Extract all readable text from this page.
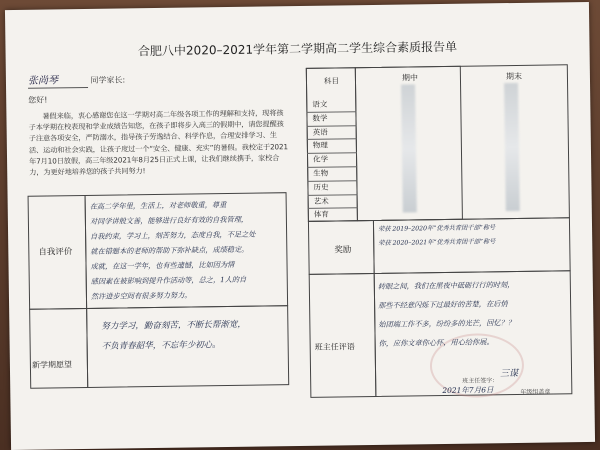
合肥八中2020–2021学年第二学期高二学生综合素质报告单
张尚琴	同学家长:
您好!

暑假来临，衷心感谢您在这一学期对高二年级各项工作的理解和支持，现将孩子本学期在校表现和学业成绩告知您，在孩子即将步入高三的假期中，请您提醒孩子注意各项安全，严防溺水，指导孩子劳逸结合、科学作息，合理安排学习、生活、运动和社会实践，让孩子度过一个“安全、健康、充实”的暑假。我校定于2021年7月10日放假，高三年级2021年8月25日正式上课，让我们继续携手，家校合力，为更好地培养您的孩子共同努力!

自我评价
在高二学年里，生活上，对老师敬重，尊重
对同学讲般文善，能够进行良好有效的自我管理，
自我约束，学习上，刻苦努力，态度自我，不足之处
就在错题本的老师的帮助下弥补缺点，成绩稳定。
成就，在这一学年，也有些遗憾，比如因为情
感因素在被影响到提升作活动等，总之，1人的自
然许进步空间有很多努力努力。
新学期愿望
努力学习，勤奋刻苦，不断长帮渐宽，
不负青春韶华，不忘年少初心。
科目	期中	期末
语文
数学
英语
物理
化学
生物
历史
艺术
体育
奖励
荣获 2019–2020年“优秀共青团干部”称号
荣获 2020–2021年“优秀共青团干部”称号
班主任评语
转眼之间，我们在黑夜中砥砺行行的时刻，
那些不经意闪烁下过最好的苦楚，在后悄
始团端工作不多，纷纷多的光芒，回忆？？
你，应你文章你心怀，用心给你展。
班主任签字：
三谋
2021年7月6日	年级组盖章
